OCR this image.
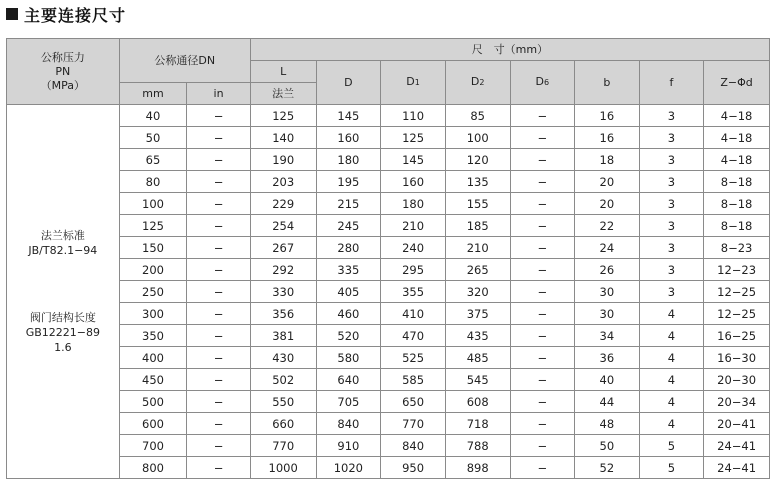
主要连接尺寸
公称压力
PN
（MPa）	公称通径DN		尺　寸（mm）							
			L	D	D1	D2	D6	b	f	Z−Φd
	mm	in	法兰							

法兰标准
JB/T82.1−94
阀门结构长度
GB12221−89
1.6	40	−	125	145	110	85	−	16	3	4−18
	50	−	140	160	125	100	−	16	3	4−18
	65	−	190	180	145	120	−	18	3	4−18
	80	−	203	195	160	135	−	20	3	8−18
	100	−	229	215	180	155	−	20	3	8−18
	125	−	254	245	210	185	−	22	3	8−18
	150	−	267	280	240	210	−	24	3	8−23
	200	−	292	335	295	265	−	26	3	12−23
	250	−	330	405	355	320	−	30	3	12−25
	300	−	356	460	410	375	−	30	4	12−25
	350	−	381	520	470	435	−	34	4	16−25
	400	−	430	580	525	485	−	36	4	16−30
	450	−	502	640	585	545	−	40	4	20−30
	500	−	550	705	650	608	−	44	4	20−34
	600	−	660	840	770	718	−	48	4	20−41
	700	−	770	910	840	788	−	50	5	24−41
	800	−	1000	1020	950	898	−	52	5	24−41
